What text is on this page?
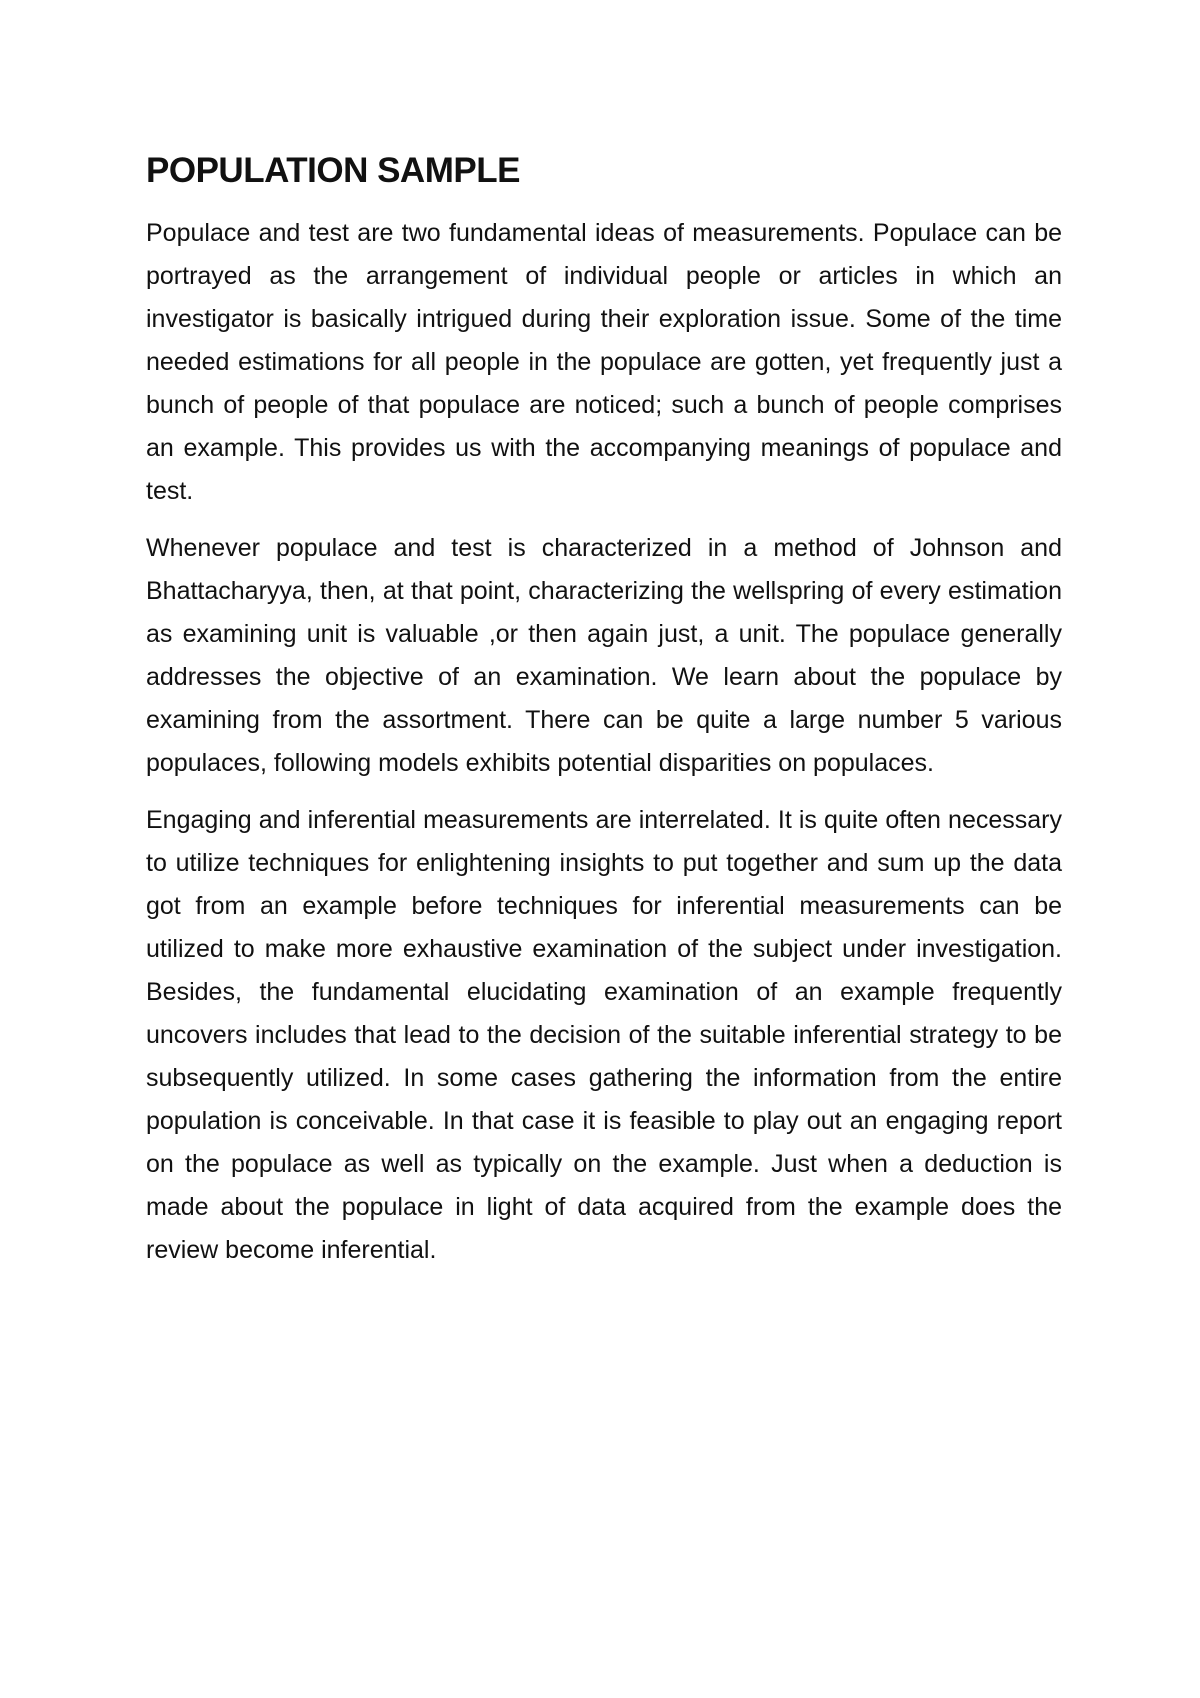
POPULATION SAMPLE

Populace and test are two fundamental ideas of measurements. Populace can be portrayed as the arrangement of individual people or articles in which an investigator is basically intrigued during their exploration issue. Some of the time needed estimations for all people in the populace are gotten, yet frequently just a bunch of people of that populace are noticed; such a bunch of people comprises an example. This provides us with the accompanying meanings of populace and test.

Whenever populace and test is characterized in a method of Johnson and Bhattacharyya, then, at that point, characterizing the wellspring of every estimation as examining unit is valuable ,or then again just, a unit. The populace generally addresses the objective of an examination. We learn about the populace by examining from the assortment. There can be quite a large number 5 various populaces, following models exhibits potential disparities on populaces.

Engaging and inferential measurements are interrelated. It is quite often necessary to utilize techniques for enlightening insights to put together and sum up the data got from an example before techniques for inferential measurements can be utilized to make more exhaustive examination of the subject under investigation. Besides, the fundamental elucidating examination of an example frequently uncovers includes that lead to the decision of the suitable inferential strategy to be subsequently utilized. In some cases gathering the information from the entire population is conceivable. In that case it is feasible to play out an engaging report on the populace as well as typically on the example. Just when a deduction is made about the populace in light of data acquired from the example does the review become inferential.
